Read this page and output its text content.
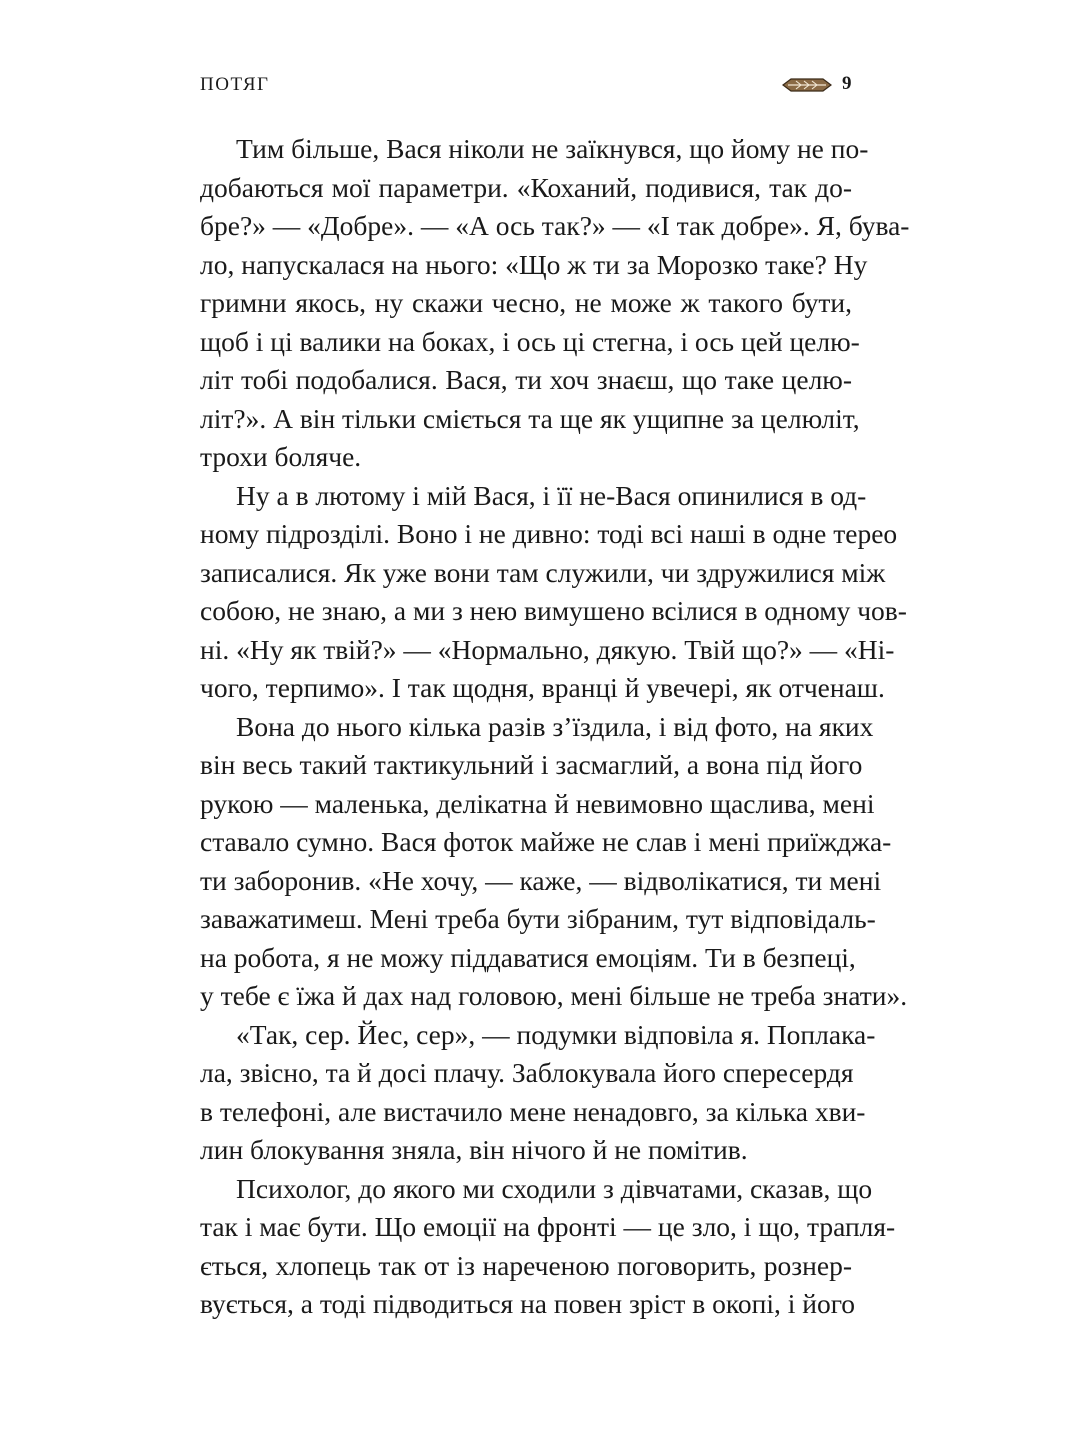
ПОТЯГ	9
Тим більше, Вася ніколи не заїкнувся, що йому не по-
добаються мої параметри. «Коханий, подивися, так до-
бре?» — «Добре». — «А ось так?» — «І так добре». Я, бува-
ло, напускалася на нього: «Що ж ти за Морозко таке? Ну
гримни якось, ну скажи чесно, не може ж такого бути,
щоб і ці валики на боках, і ось ці стегна, і ось цей целю-
літ тобі подобалися. Вася, ти хоч знаєш, що таке целю-
літ?». А він тільки сміється та ще як ущипне за целюліт,
трохи боляче.
Ну а в лютому і мій Вася, і її не-Вася опинилися в од-
ному підрозділі. Воно і не дивно: тоді всі наші в одне терео
записалися. Як уже вони там служили, чи здружилися між
собою, не знаю, а ми з нею вимушено всілися в одному чов-
ні. «Ну як твій?» — «Нормально, дякую. Твій що?» — «Ні-
чого, терпимо». І так щодня, вранці й увечері, як отченаш.
Вона до нього кілька разів з’їздила, і від фото, на яких
він весь такий тактикульний і засмаглий, а вона під його
рукою — маленька, делікатна й невимовно щаслива, мені
ставало сумно. Вася фоток майже не слав і мені приїжджа-
ти заборонив. «Не хочу, — каже, — відволікатися, ти мені
заважатимеш. Мені треба бути зібраним, тут відповідаль-
на робота, я не можу піддаватися емоціям. Ти в безпеці,
у тебе є їжа й дах над головою, мені більше не треба знати».
«Так, сер. Йес, сер», — подумки відповіла я. Поплака-
ла, звісно, та й досі плачу. Заблокувала його спересердя
в телефоні, але вистачило мене ненадовго, за кілька хви-
лин блокування зняла, він нічого й не помітив.
Психолог, до якого ми сходили з дівчатами, сказав, що
так і має бути. Що емоції на фронті — це зло, і що, трапля-
ється, хлопець так от із нареченою поговорить, рознер-
вується, а тоді підводиться на повен зріст в окопі, і його
